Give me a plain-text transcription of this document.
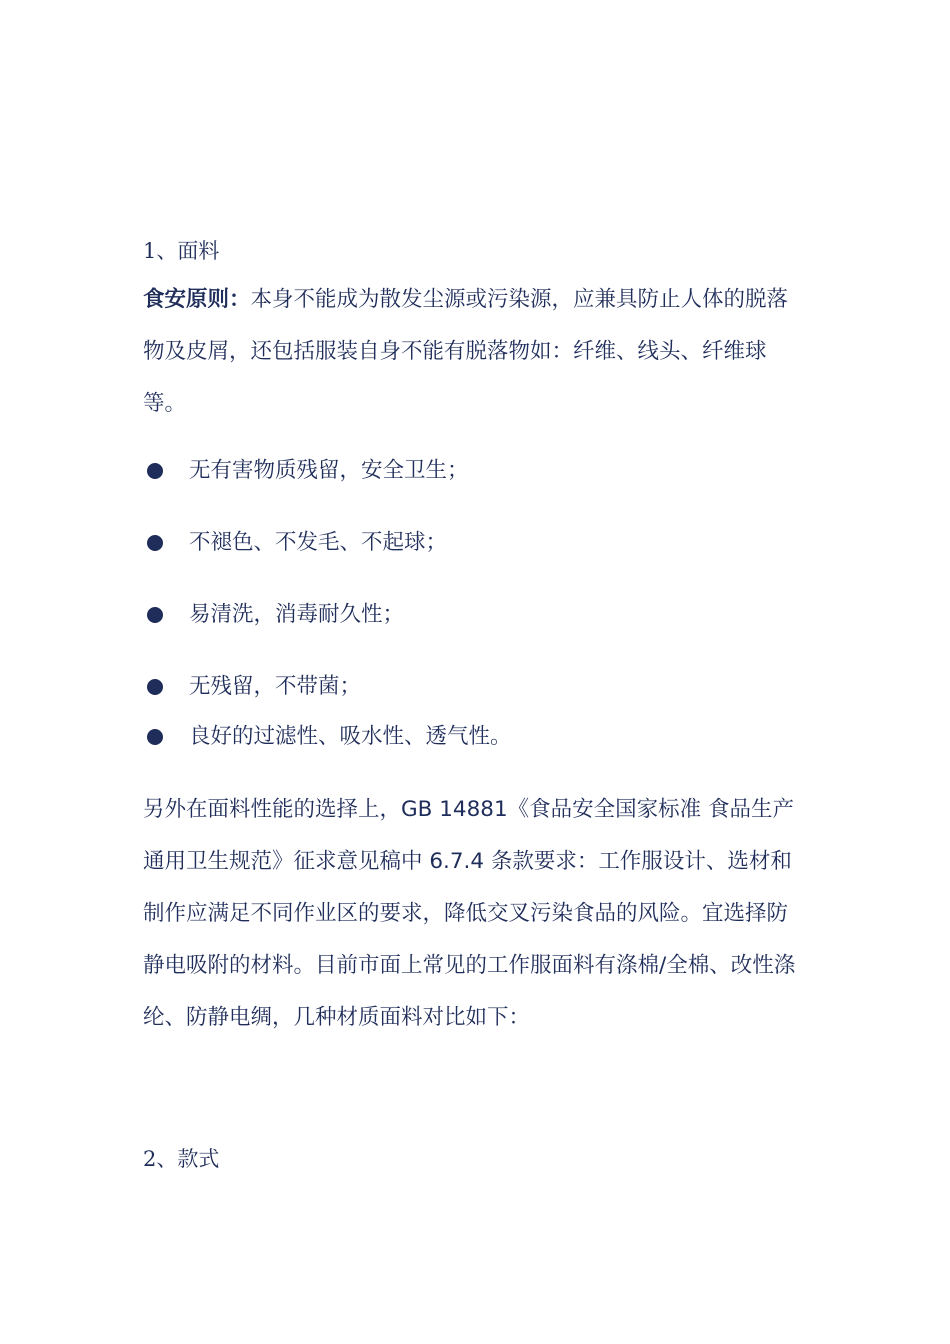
1、面料

食安原则：本身不能成为散发尘源或污染源，应兼具防止人体的脱落物及皮屑，还包括服装自身不能有脱落物如：纤维、线头、纤维球等。

无有害物质残留，安全卫生；
不褪色、不发毛、不起球；
易清洗，消毒耐久性；
无残留，不带菌；
良好的过滤性、吸水性、透气性。

另外在面料性能的选择上，GB 14881《食品安全国家标准 食品生产通用卫生规范》征求意见稿中 6.7.4 条款要求：工作服设计、选材和制作应满足不同作业区的要求，降低交叉污染食品的风险。宜选择防静电吸附的材料。目前市面上常见的工作服面料有涤棉/全棉、改性涤纶、防静电绸，几种材质面料对比如下：

2、款式
